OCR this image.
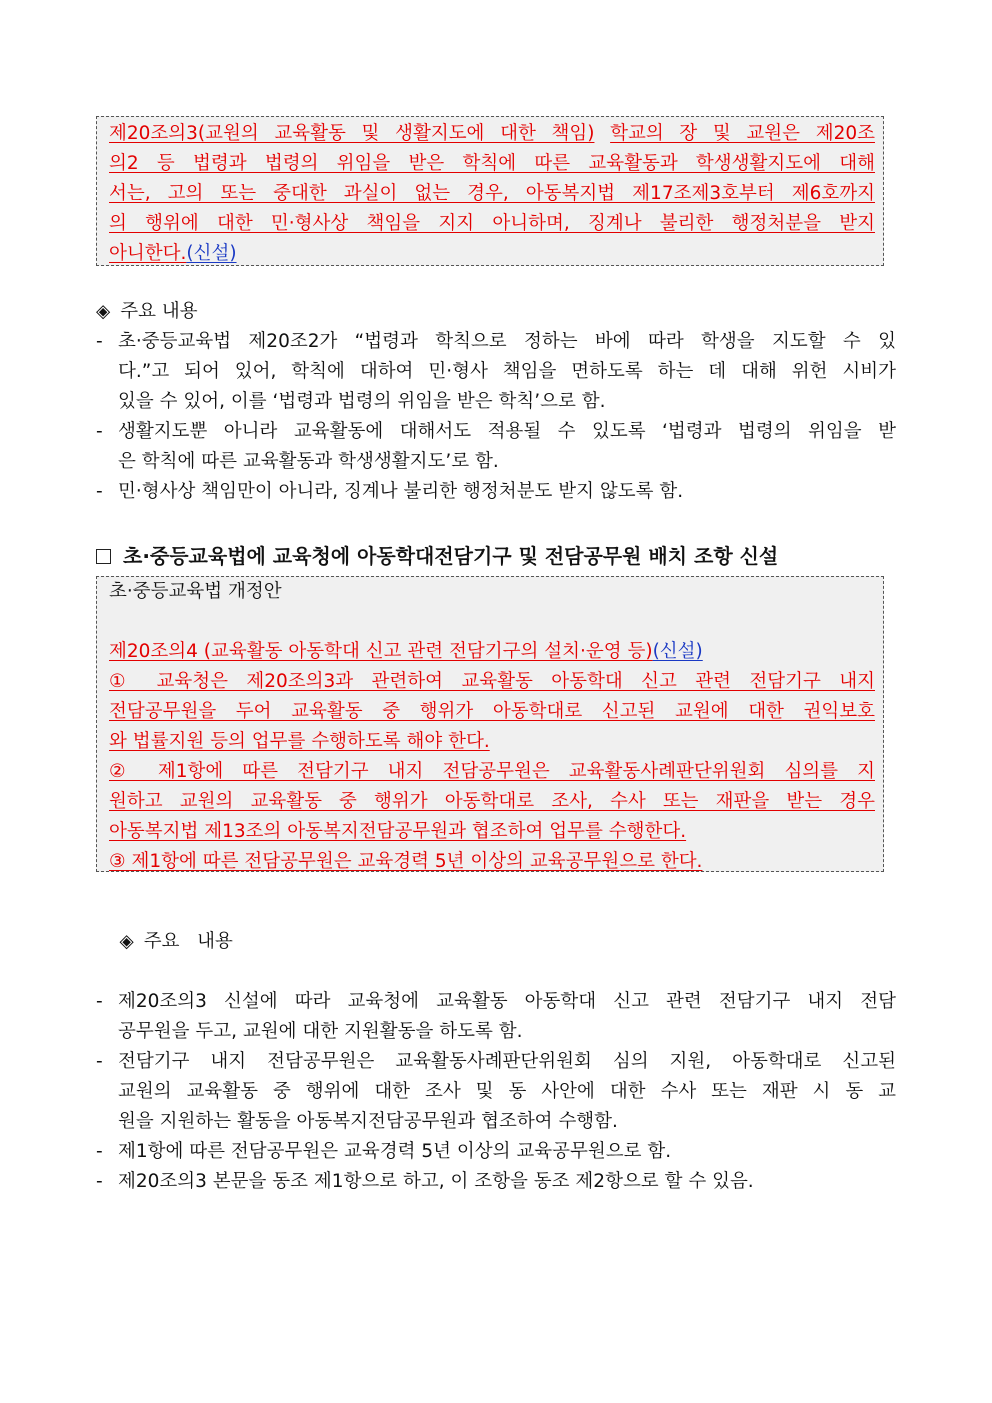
제20조의3(교원의 교육활동 및 생활지도에 대한 책임) 학교의 장 및 교원은 제20조
의2 등 법령과 법령의 위임을 받은 학칙에 따른 교육활동과 학생생활지도에 대해
서는, 고의 또는 중대한 과실이 없는 경우, 아동복지법 제17조제3호부터 제6호까지
의 행위에 대한 민·형사상 책임을 지지 아니하며, 징계나 불리한 행정처분을 받지
아니한다.(신설)
◈ 주요 내용
- 초·중등교육법 제20조2가 “법령과 학칙으로 정하는 바에 따라 학생을 지도할 수 있
다.”고 되어 있어, 학칙에 대하여 민·형사 책임을 면하도록 하는 데 대해 위헌 시비가
있을 수 있어, 이를 ‘법령과 법령의 위임을 받은 학칙’으로 함.
- 생활지도뿐 아니라 교육활동에 대해서도 적용될 수 있도록 ‘법령과 법령의 위임을 받
은 학칙에 따른 교육활동과 학생생활지도’로 함.
- 민·형사상 책임만이 아니라, 징계나 불리한 행정처분도 받지 않도록 함.
초·중등교육법에 교육청에 아동학대전담기구 및 전담공무원 배치 조항 신설
초·중등교육법 개정안
제20조의4 (교육활동 아동학대 신고 관련 전담기구의 설치·운영 등)(신설)
① 교육청은 제20조의3과 관련하여 교육활동 아동학대 신고 관련 전담기구 내지
전담공무원을 두어 교육활동 중 행위가 아동학대로 신고된 교원에 대한 권익보호
와 법률지원 등의 업무를 수행하도록 해야 한다.
② 제1항에 따른 전담기구 내지 전담공무원은 교육활동사례판단위원회 심의를 지
원하고 교원의 교육활동 중 행위가 아동학대로 조사, 수사 또는 재판을 받는 경우
아동복지법 제13조의 아동복지전담공무원과 협조하여 업무를 수행한다.
③ 제1항에 따른 전담공무원은 교육경력 5년 이상의 교육공무원으로 한다.

◈ 주요   내용

- 제20조의3 신설에 따라 교육청에 교육활동 아동학대 신고 관련 전담기구 내지 전담
공무원을 두고, 교원에 대한 지원활동을 하도록 함.
- 전담기구 내지 전담공무원은 교육활동사례판단위원회 심의 지원, 아동학대로 신고된
교원의 교육활동 중 행위에 대한 조사 및 동 사안에 대한 수사 또는 재판 시 동 교
원을 지원하는 활동을 아동복지전담공무원과 협조하여 수행함.
- 제1항에 따른 전담공무원은 교육경력 5년 이상의 교육공무원으로 함.
- 제20조의3 본문을 동조 제1항으로 하고, 이 조항을 동조 제2항으로 할 수 있음.
